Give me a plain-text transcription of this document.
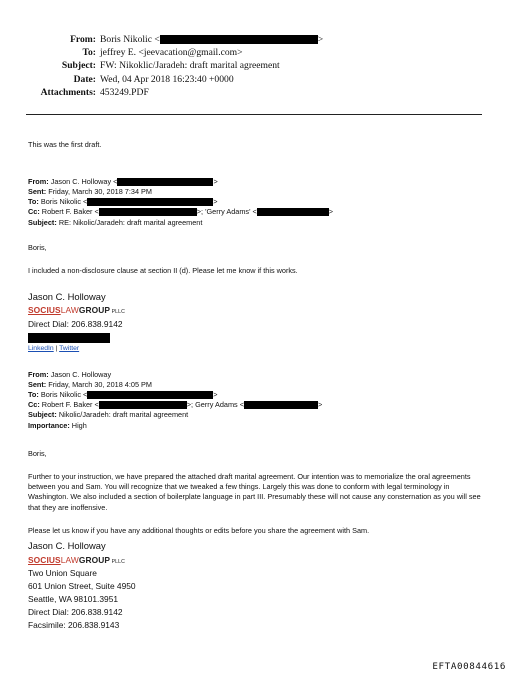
From: Boris Nikolic <	>
To: jeffrey E. <jeevacation@gmail.com>
Subject: FW: Nikoklic/Jaradeh: draft marital agreement
Date: Wed, 04 Apr 2018 16:23:40 +0000
Attachments: 453249.PDF
This was the first draft.
From: Jason C. Holloway <	>
Sent: Friday, March 30, 2018 7:34 PM
To: Boris Nikolic <	>
Cc: Robert F. Baker <	>; 'Gerry Adams' <	>
Subject: RE: Nikolic/Jaradeh: draft marital agreement
Boris,
I included a non-disclosure clause at section II (d). Please let me know if this works.
Jason C. Holloway
SOCIUSLAWGROUP PLLC
Direct Dial: 206.838.9142
LinkedIn | Twitter
From: Jason C. Holloway
Sent: Friday, March 30, 2018 4:05 PM
To: Boris Nikolic <	>
Cc: Robert F. Baker <	>; Gerry Adams <	>
Subject: Nikolic/Jaradeh: draft marital agreement
Importance: High
Boris,
Further to your instruction, we have prepared the attached draft marital agreement. Our intention was to memorialize the oral agreements between you and Sam. You will recognize that we tweaked a few things. Largely this was done to conform with legal terminology in Washington. We also included a section of boilerplate language in part III. Presumably these will not cause any consternation as you will see that they are inoffensive.
Please let us know if you have any additional thoughts or edits before you share the agreement with Sam.
Jason C. Holloway
SOCIUSLAWGROUP PLLC
Two Union Square
601 Union Street, Suite 4950
Seattle, WA 98101.3951
Direct Dial: 206.838.9142
Facsimile: 206.838.9143
EFTA00844616
